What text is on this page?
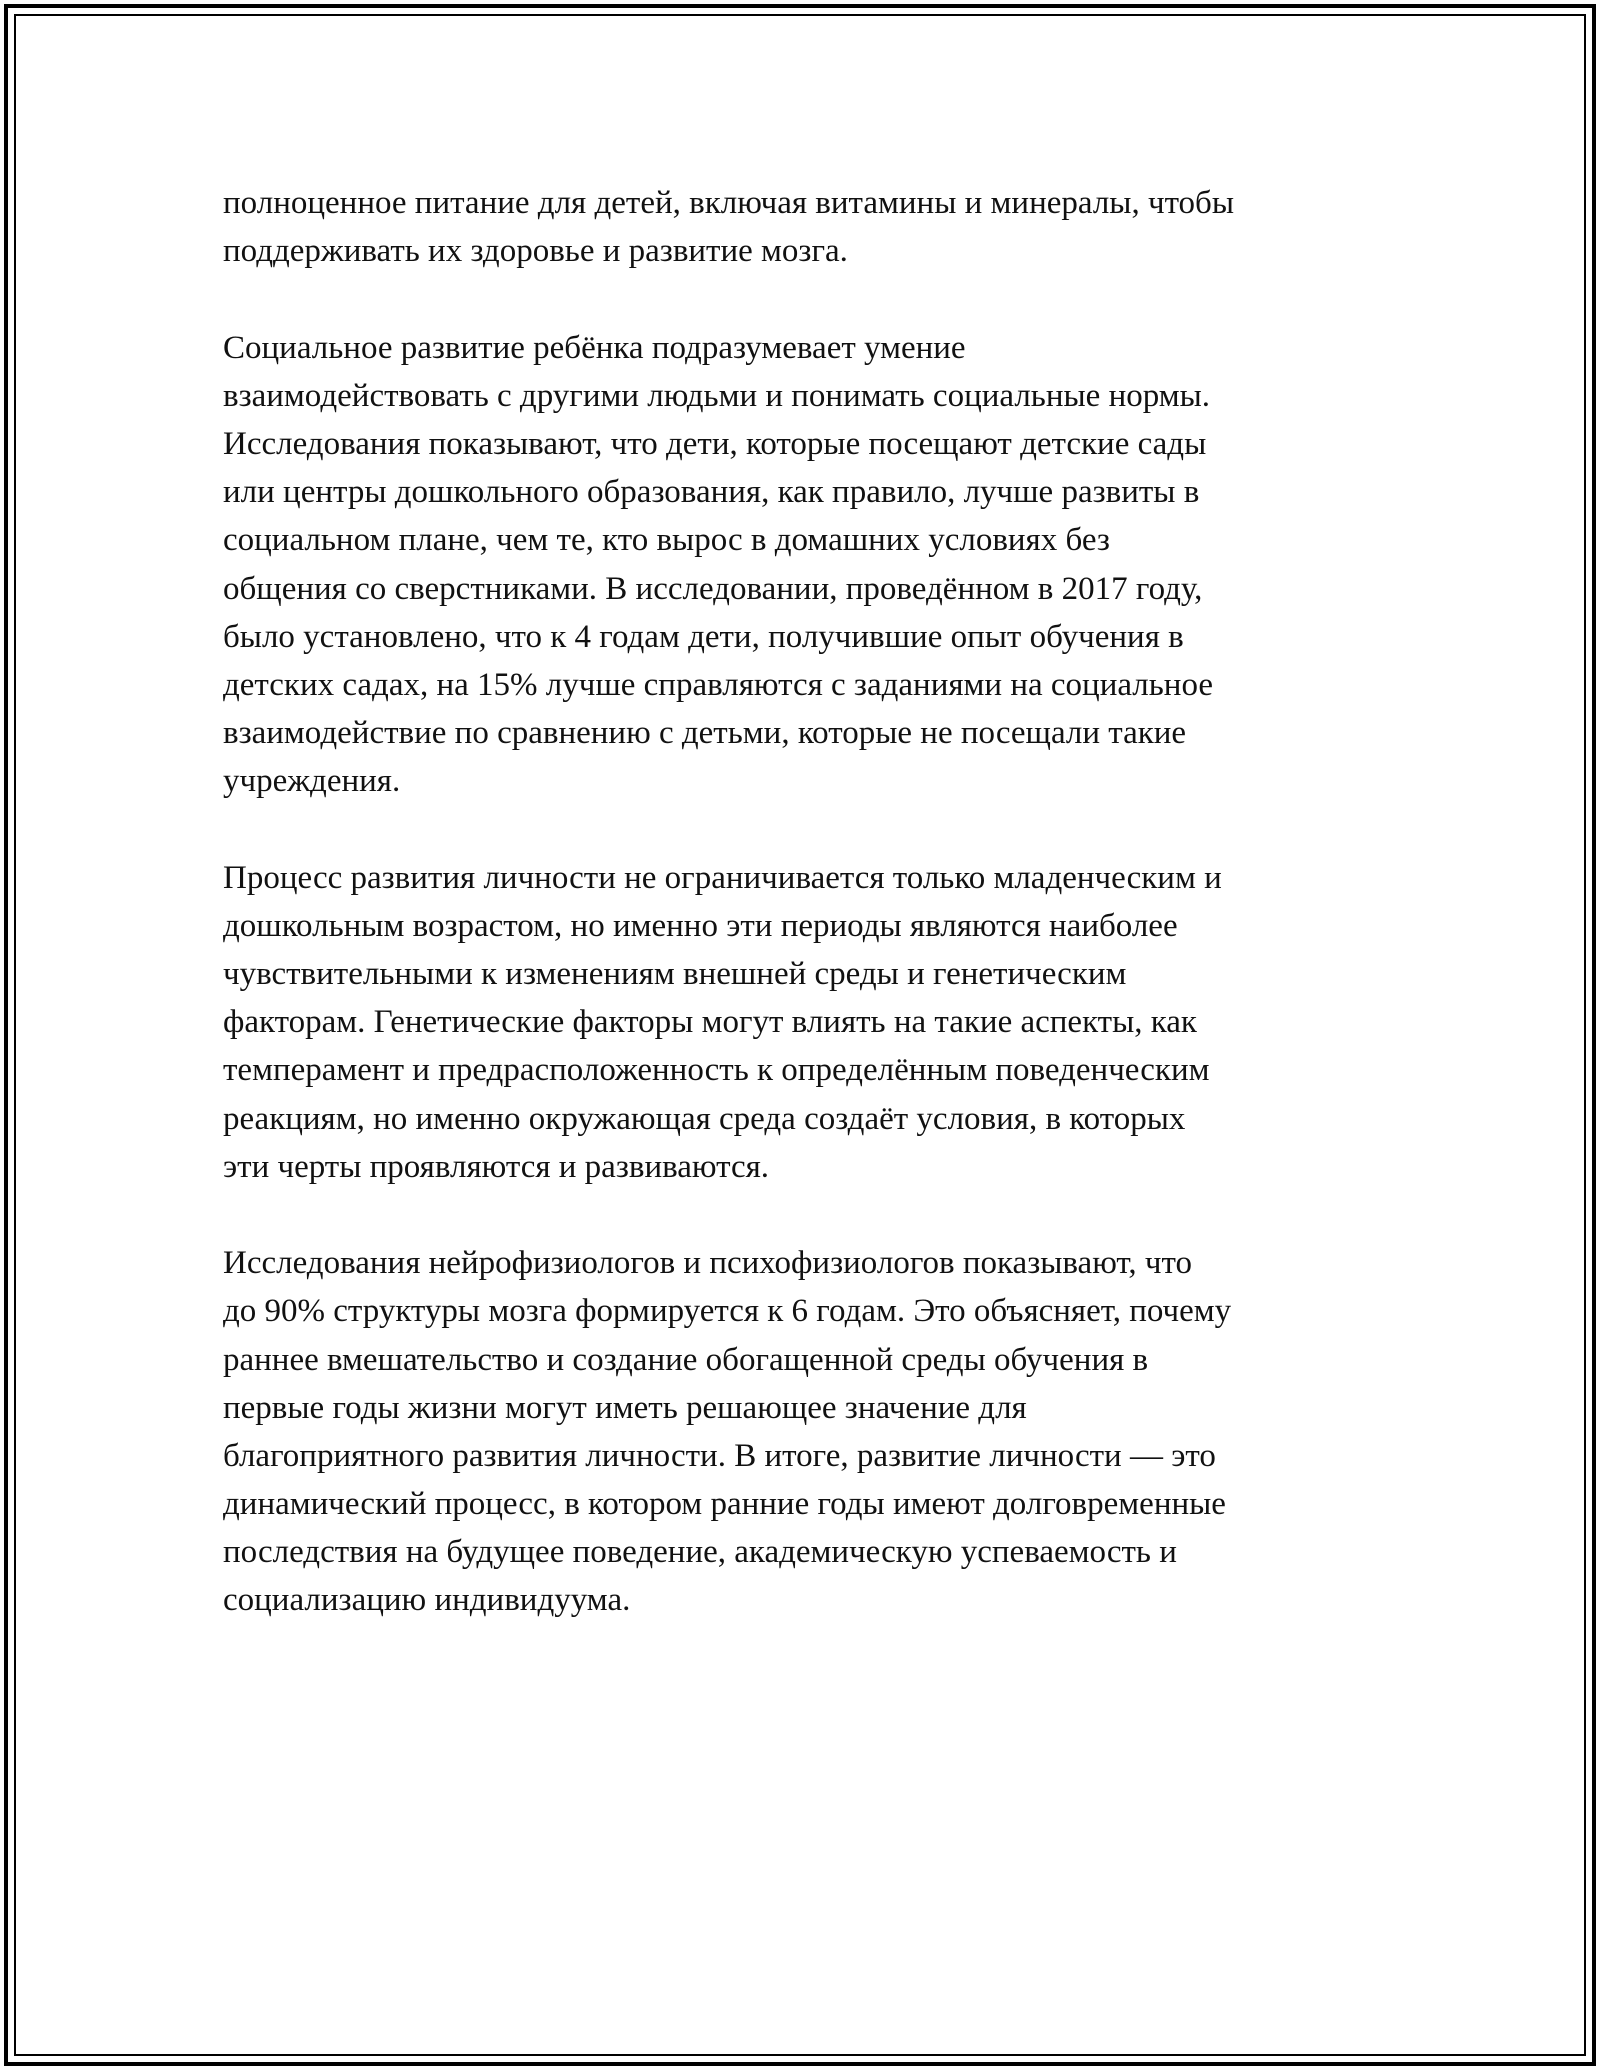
полноценное питание для детей, включая витамины и минералы, чтобы
поддерживать их здоровье и развитие мозга.

Социальное развитие ребёнка подразумевает умение
взаимодействовать с другими людьми и понимать социальные нормы.
Исследования показывают, что дети, которые посещают детские сады
или центры дошкольного образования, как правило, лучше развиты в
социальном плане, чем те, кто вырос в домашних условиях без
общения со сверстниками. В исследовании, проведённом в 2017 году,
было установлено, что к 4 годам дети, получившие опыт обучения в
детских садах, на 15% лучше справляются с заданиями на социальное
взаимодействие по сравнению с детьми, которые не посещали такие
учреждения.

Процесс развития личности не ограничивается только младенческим и
дошкольным возрастом, но именно эти периоды являются наиболее
чувствительными к изменениям внешней среды и генетическим
факторам. Генетические факторы могут влиять на такие аспекты, как
темперамент и предрасположенность к определённым поведенческим
реакциям, но именно окружающая среда создаёт условия, в которых
эти черты проявляются и развиваются.

Исследования нейрофизиологов и психофизиологов показывают, что
до 90% структуры мозга формируется к 6 годам. Это объясняет, почему
раннее вмешательство и создание обогащенной среды обучения в
первые годы жизни могут иметь решающее значение для
благоприятного развития личности. В итоге, развитие личности — это
динамический процесс, в котором ранние годы имеют долговременные
последствия на будущее поведение, академическую успеваемость и
социализацию индивидуума.
